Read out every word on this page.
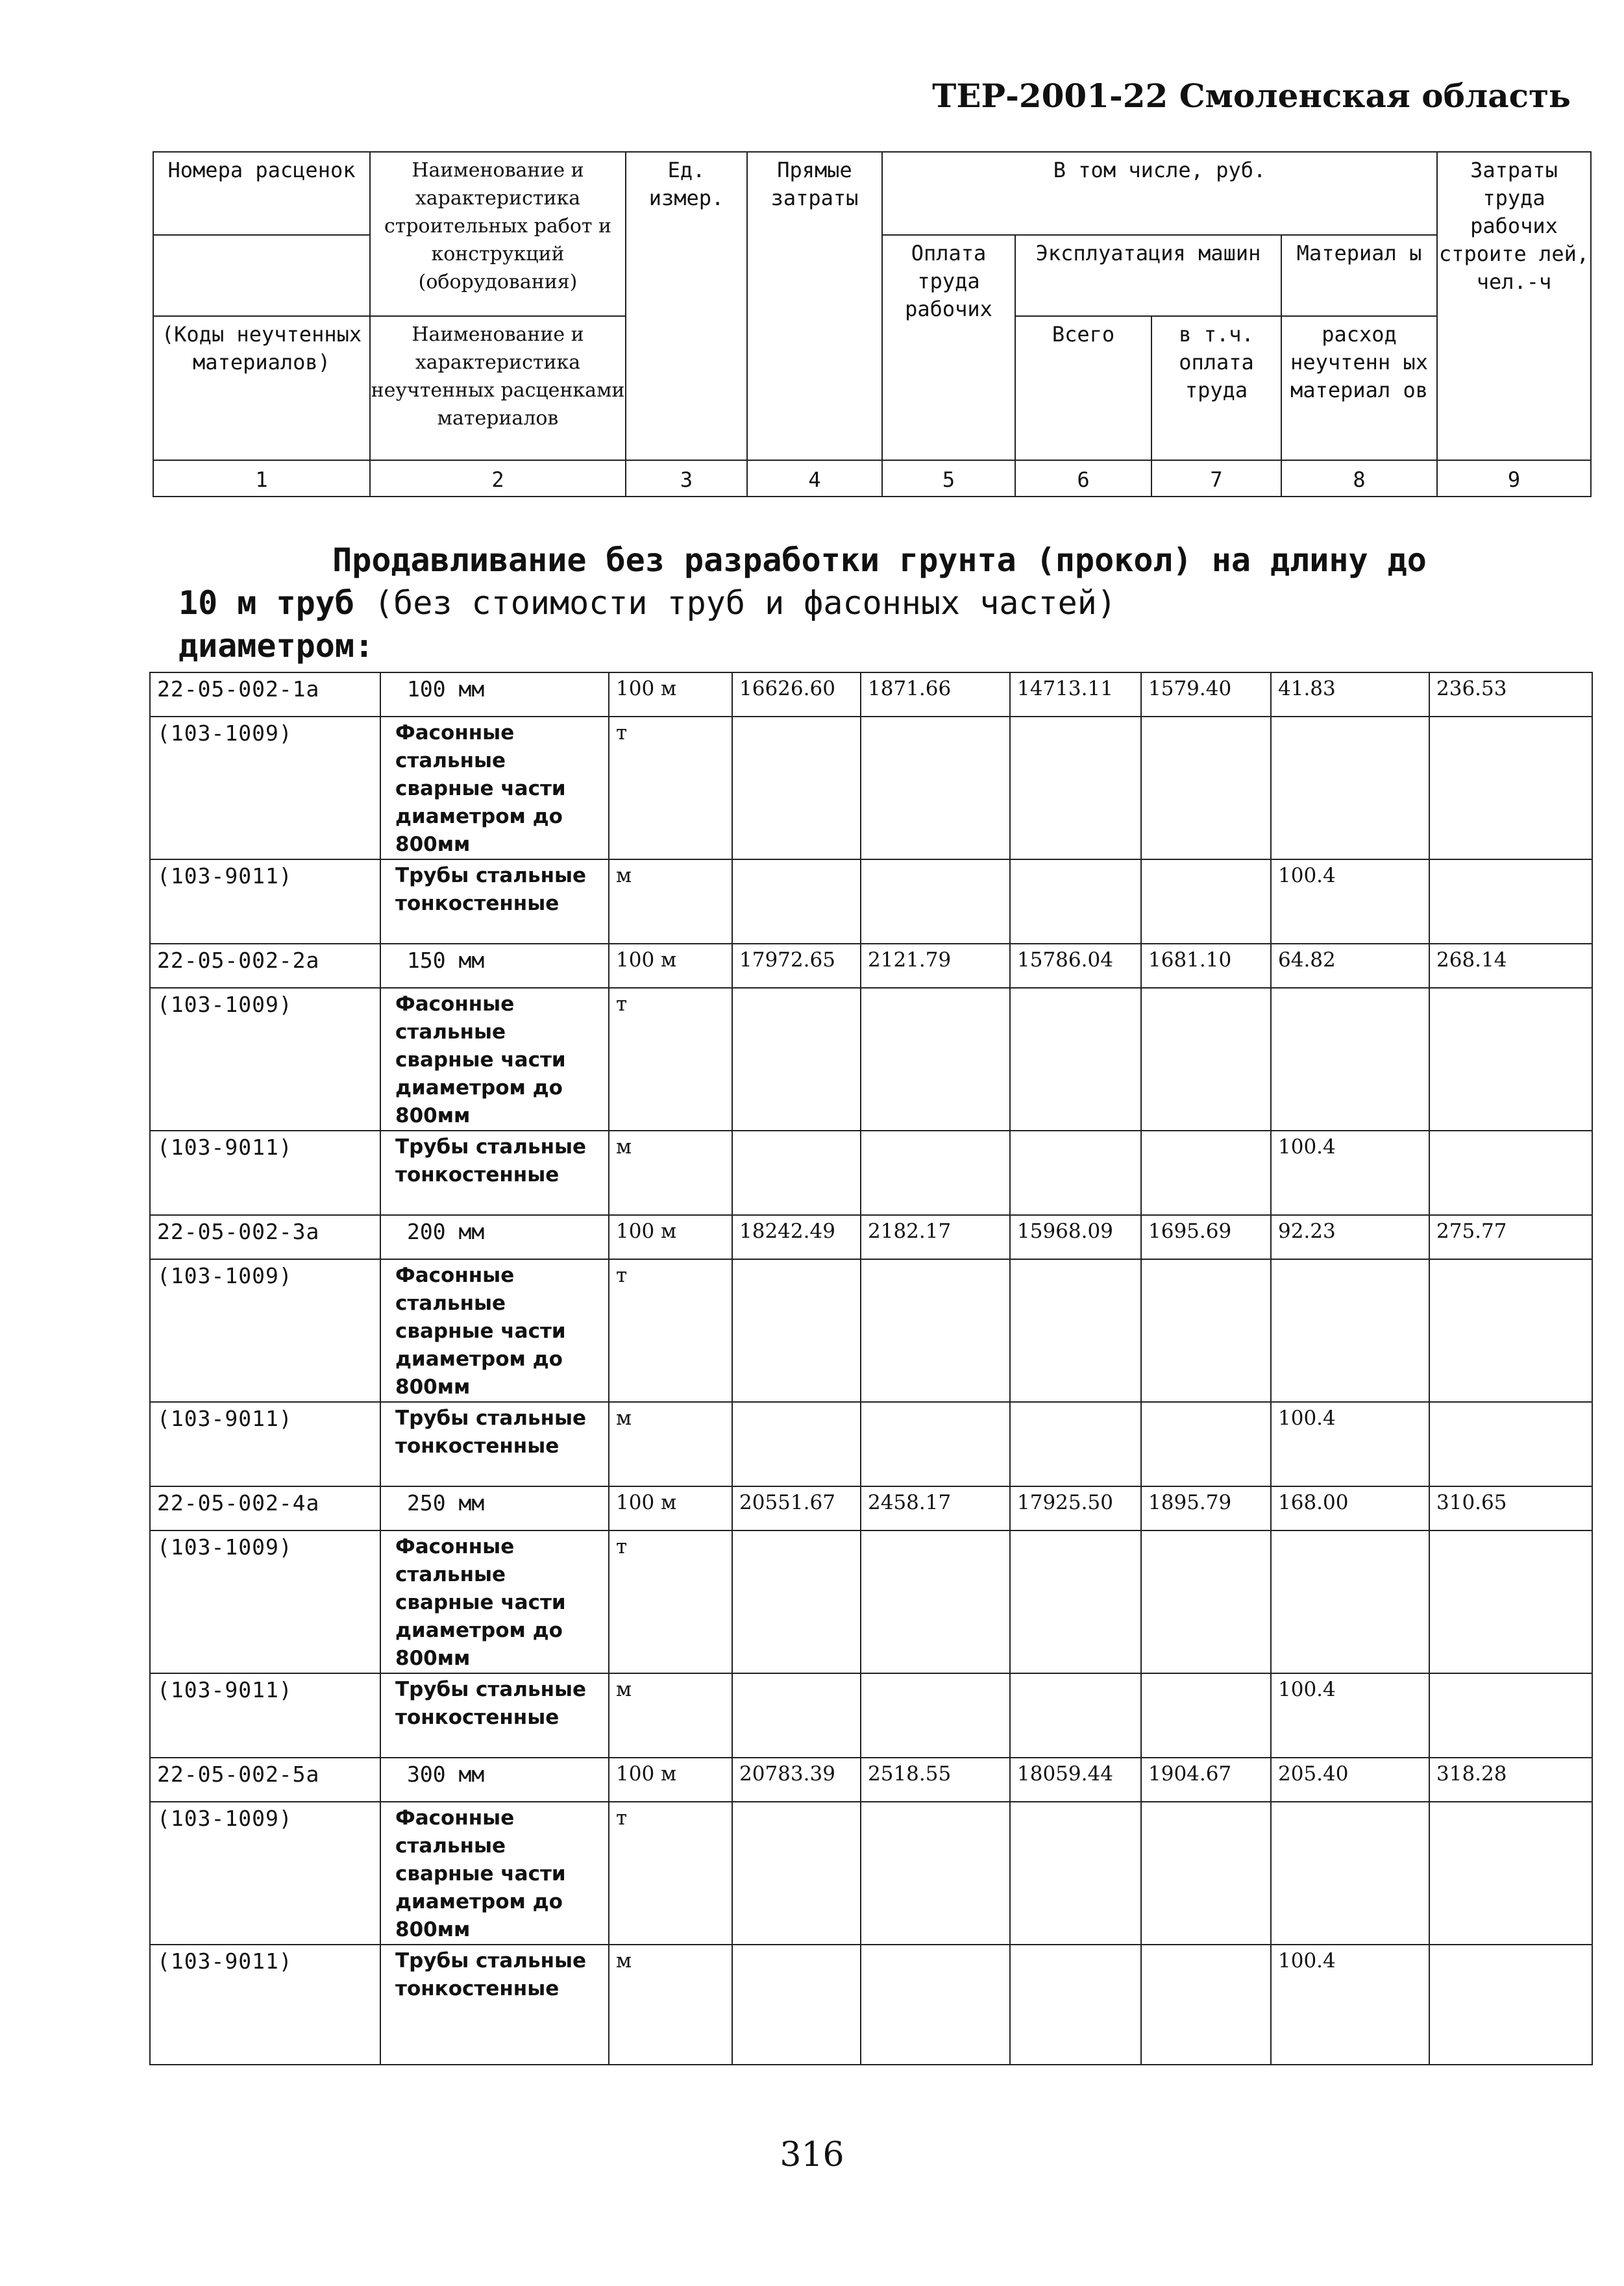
ТЕР-2001-22 Смоленская область
Номера расценок	Наименование и характеристика строительных работ и конструкций (оборудования)	Ед. измер.	Прямые затраты	В том числе, руб.				Затраты труда рабочих строите лей, чел.-ч
				Оплата труда рабочих	Эксплуатация машин		Материал ы	
(Коды неучтенных материалов)	Наименование и характеристика неучтенных расценками материалов				Всего	в т.ч. оплата труда	расход неучтенн ых материал ов	
1	2	3	4	5	6	7	8	9
Продавливание без разработки грунта (прокол) на длину до
10 м труб (без стоимости труб и фасонных частей)
диаметром:
22-05-002-1a	100 мм	100 м	16626.60	1871.66	14713.11	1579.40	41.83	236.53
(103-1009)	Фасонные стальные сварные части диаметром до 800мм	т						
(103-9011)	Трубы стальные тонкостенные	м					100.4	
22-05-002-2a	150 мм	100 м	17972.65	2121.79	15786.04	1681.10	64.82	268.14
(103-1009)	Фасонные стальные сварные части диаметром до 800мм	т						
(103-9011)	Трубы стальные тонкостенные	м					100.4	
22-05-002-3a	200 мм	100 м	18242.49	2182.17	15968.09	1695.69	92.23	275.77
(103-1009)	Фасонные стальные сварные части диаметром до 800мм	т						
(103-9011)	Трубы стальные тонкостенные	м					100.4	
22-05-002-4a	250 мм	100 м	20551.67	2458.17	17925.50	1895.79	168.00	310.65
(103-1009)	Фасонные стальные сварные части диаметром до 800мм	т						
(103-9011)	Трубы стальные тонкостенные	м					100.4	
22-05-002-5a	300 мм	100 м	20783.39	2518.55	18059.44	1904.67	205.40	318.28
(103-1009)	Фасонные стальные сварные части диаметром до 800мм	т						
(103-9011)	Трубы стальные тонкостенные	м					100.4	
316
